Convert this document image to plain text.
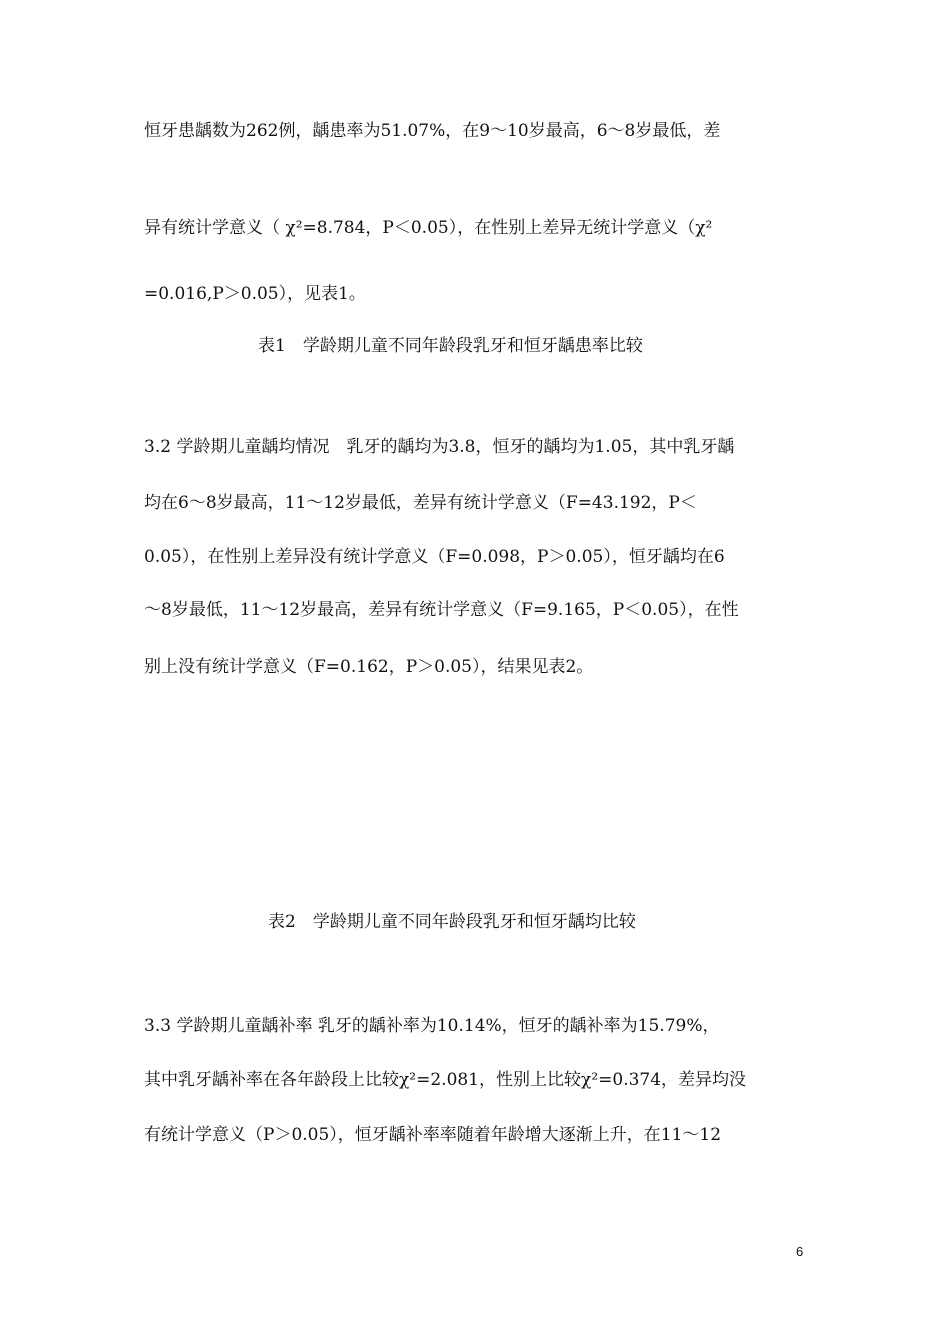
恒牙患龋数为262例，龋患率为51.07%，在9～10岁最高，6～8岁最低，差
异有统计学意义（ χ²=8.784，P＜0.05），在性别上差异无统计学意义（χ²
=0.016,P＞0.05），见表1。
表1　学龄期儿童不同年龄段乳牙和恒牙龋患率比较
3.2 学龄期儿童龋均情况　乳牙的龋均为3.8，恒牙的龋均为1.05，其中乳牙龋
均在6～8岁最高，11～12岁最低，差异有统计学意义（F=43.192，P＜
0.05），在性别上差异没有统计学意义（F=0.098，P＞0.05），恒牙龋均在6
～8岁最低，11～12岁最高，差异有统计学意义（F=9.165，P＜0.05），在性
别上没有统计学意义（F=0.162，P＞0.05），结果见表2。
表2　学龄期儿童不同年龄段乳牙和恒牙龋均比较
3.3 学龄期儿童龋补率 乳牙的龋补率为10.14%，恒牙的龋补率为15.79%，
其中乳牙龋补率在各年龄段上比较χ²=2.081，性别上比较χ²=0.374，差异均没
有统计学意义（P＞0.05），恒牙龋补率率随着年龄增大逐渐上升，在11～12
6
